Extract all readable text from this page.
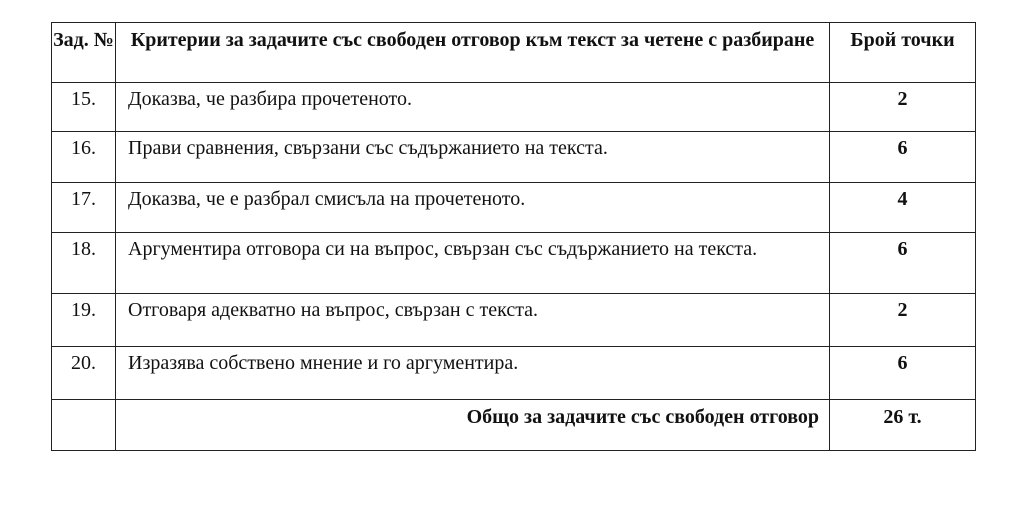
Зад. №	Критерии за задачите със свободен отговор към текст за четене с разбиране	Брой точки
15.	Доказва, че разбира прочетеното.	2
16.	Прави сравнения, свързани със съдържанието на текста.	6
17.	Доказва, че е разбрал смисъла на прочетеното.	4
18.	Аргументира отговора си на въпрос, свързан със съдържанието на текста.	6
19.	Отговаря адекватно на въпрос, свързан с текста.	2
20.	Изразява собствено мнение и го аргументира.	6
	Общо за задачите със свободен отговор	26 т.
